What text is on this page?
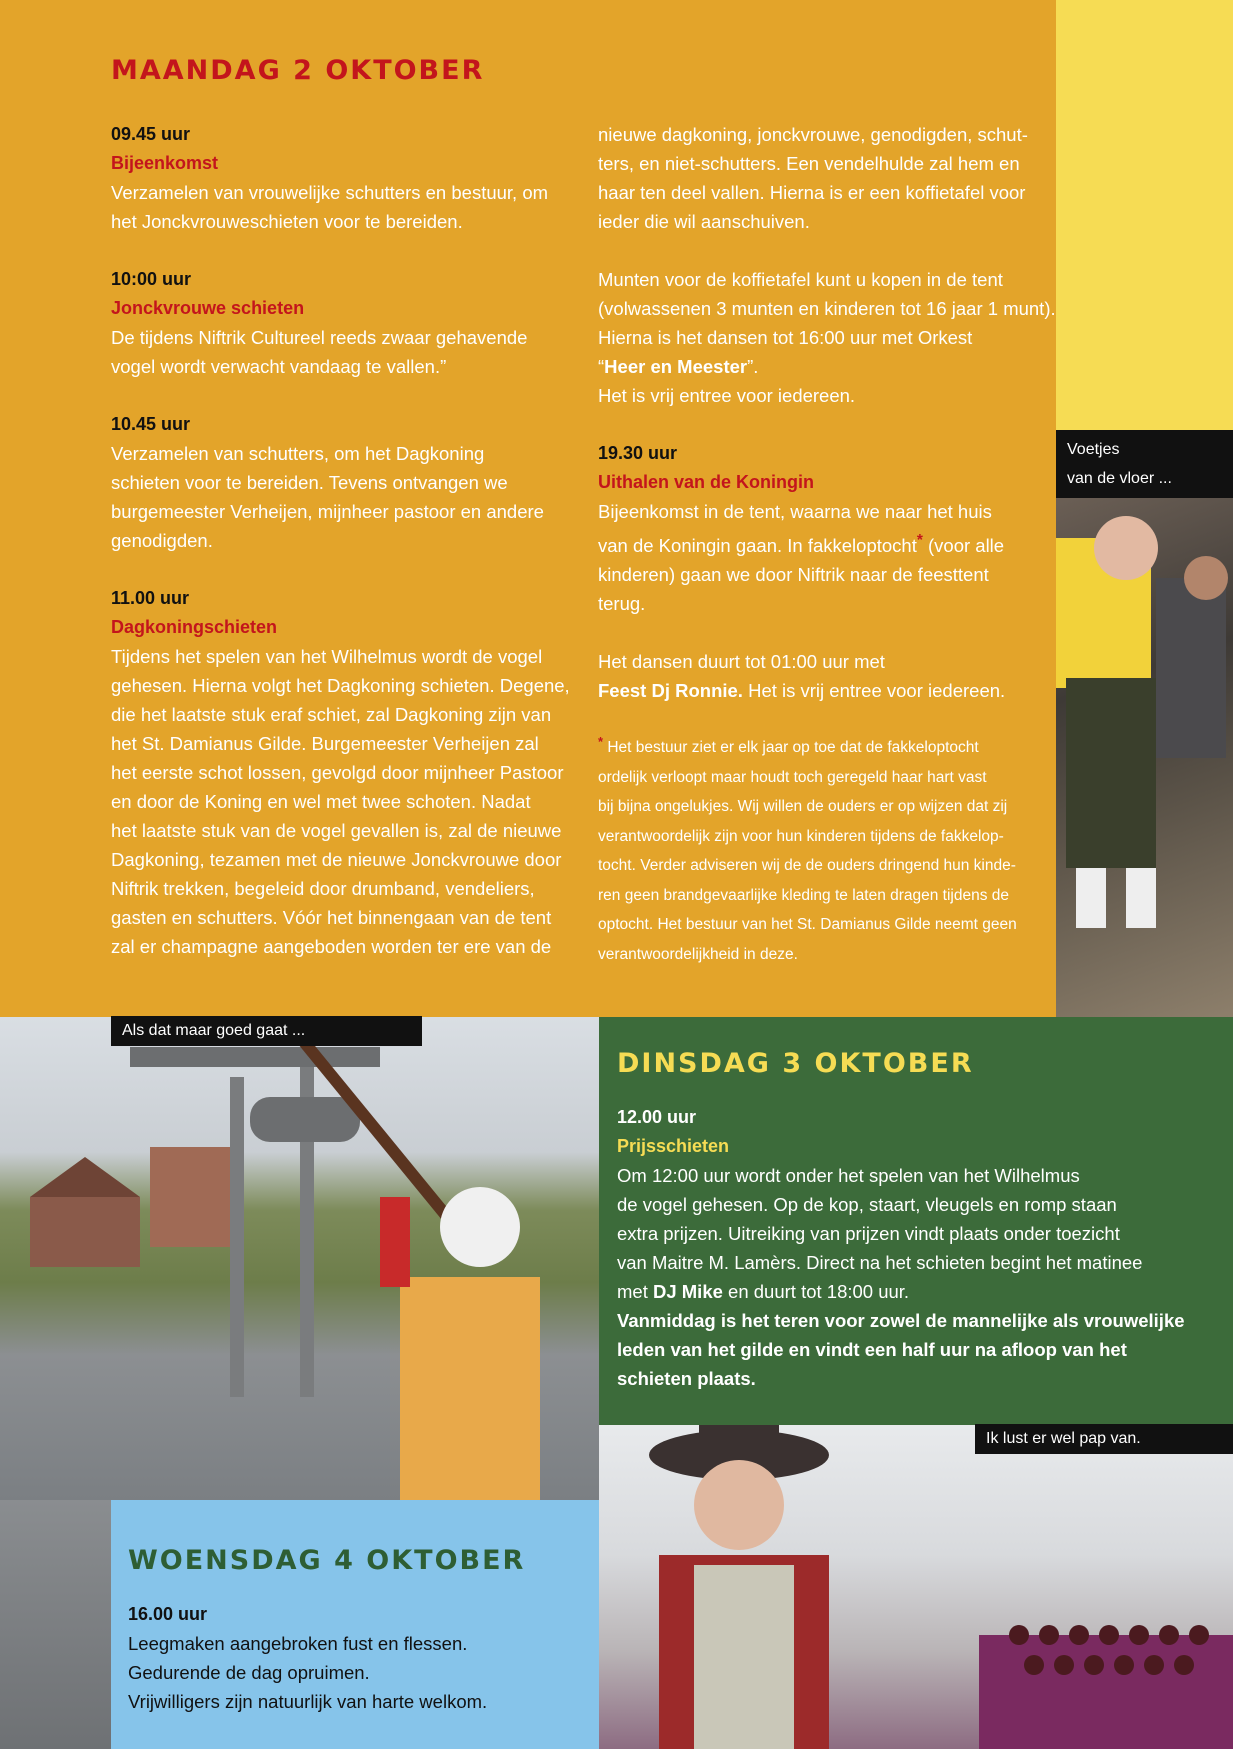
MAANDAG 2 OKTOBER
09.45 uur
Bijeenkomst

Verzamelen van vrouwelijke schutters en bestuur, om

het Jonckvrouweschieten voor te bereiden.

10:00 uur
Jonckvrouwe schieten

De tijdens Niftrik Cultureel reeds zwaar gehavende

vogel wordt verwacht vandaag te vallen.”

10.45 uur

Verzamelen van schutters, om het Dagkoning

schieten voor te bereiden. Tevens ontvangen we

burgemeester Verheijen, mijnheer pastoor en andere

genodigden.

11.00 uur
Dagkoningschieten

Tijdens het spelen van het Wilhelmus wordt de vogel

gehesen. Hierna volgt het Dagkoning schieten. Degene,

die het laatste stuk eraf schiet, zal Dagkoning zijn van

het St. Damianus Gilde. Burgemeester Verheijen zal

het eerste schot lossen, gevolgd door mijnheer Pastoor

en door de Koning en wel met twee schoten. Nadat

het laatste stuk van de vogel gevallen is, zal de nieuwe

Dagkoning, tezamen met de nieuwe Jonckvrouwe door

Niftrik trekken, begeleid door drumband, vendeliers,

gasten en schutters. Vóór het binnengaan van de tent

zal er champagne aangeboden worden ter ere van de

nieuwe dagkoning, jonckvrouwe, genodigden, schut-

ters, en niet-schutters. Een vendelhulde zal hem en

haar ten deel vallen. Hierna is er een koffietafel voor

ieder die wil aanschuiven.

Munten voor de koffietafel kunt u kopen in de tent

(volwassenen 3 munten en kinderen tot 16 jaar 1 munt).

Hierna is het dansen tot 16:00 uur met Orkest

“Heer en Meester”.

Het is vrij entree voor iedereen.

19.30 uur
Uithalen van de Koningin

Bijeenkomst in de tent, waarna we naar het huis

van de Koningin gaan. In fakkeloptocht* (voor alle

kinderen) gaan we door Niftrik naar de feesttent

terug.

Het dansen duurt tot 01:00 uur met

Feest Dj Ronnie. Het is vrij entree voor iedereen.

* Het bestuur ziet er elk jaar op toe dat de fakkeloptocht

ordelijk verloopt maar houdt toch geregeld haar hart vast

bij bijna ongelukjes. Wij willen de ouders er op wijzen dat zij

verantwoordelijk zijn voor hun kinderen tijdens de fakkelop-

tocht. Verder adviseren wij de de ouders dringend hun kinde-

ren geen brandgevaarlijke kleding te laten dragen tijdens de

optocht. Het bestuur van het St. Damianus Gilde neemt geen

verantwoordelijkheid in deze.

Voetjes
van de vloer ...
Als dat maar goed gaat ...
Ik lust er wel pap van.
DINSDAG 3 OKTOBER
12.00 uur
Prijsschieten

Om 12:00 uur wordt onder het spelen van het Wilhelmus

de vogel gehesen. Op de kop, staart, vleugels en romp staan

extra prijzen. Uitreiking van prijzen vindt plaats onder toezicht

van Maitre M. Lamèrs. Direct na het schieten begint het matinee

met DJ Mike en duurt tot 18:00 uur.

Vanmiddag is het teren voor zowel de mannelijke als vrouwelijke

leden van het gilde en vindt een half uur na afloop van het

schieten plaats.

WOENSDAG 4 OKTOBER
16.00 uur

Leegmaken aangebroken fust en flessen.

Gedurende de dag opruimen.

Vrijwilligers zijn natuurlijk van harte welkom.
